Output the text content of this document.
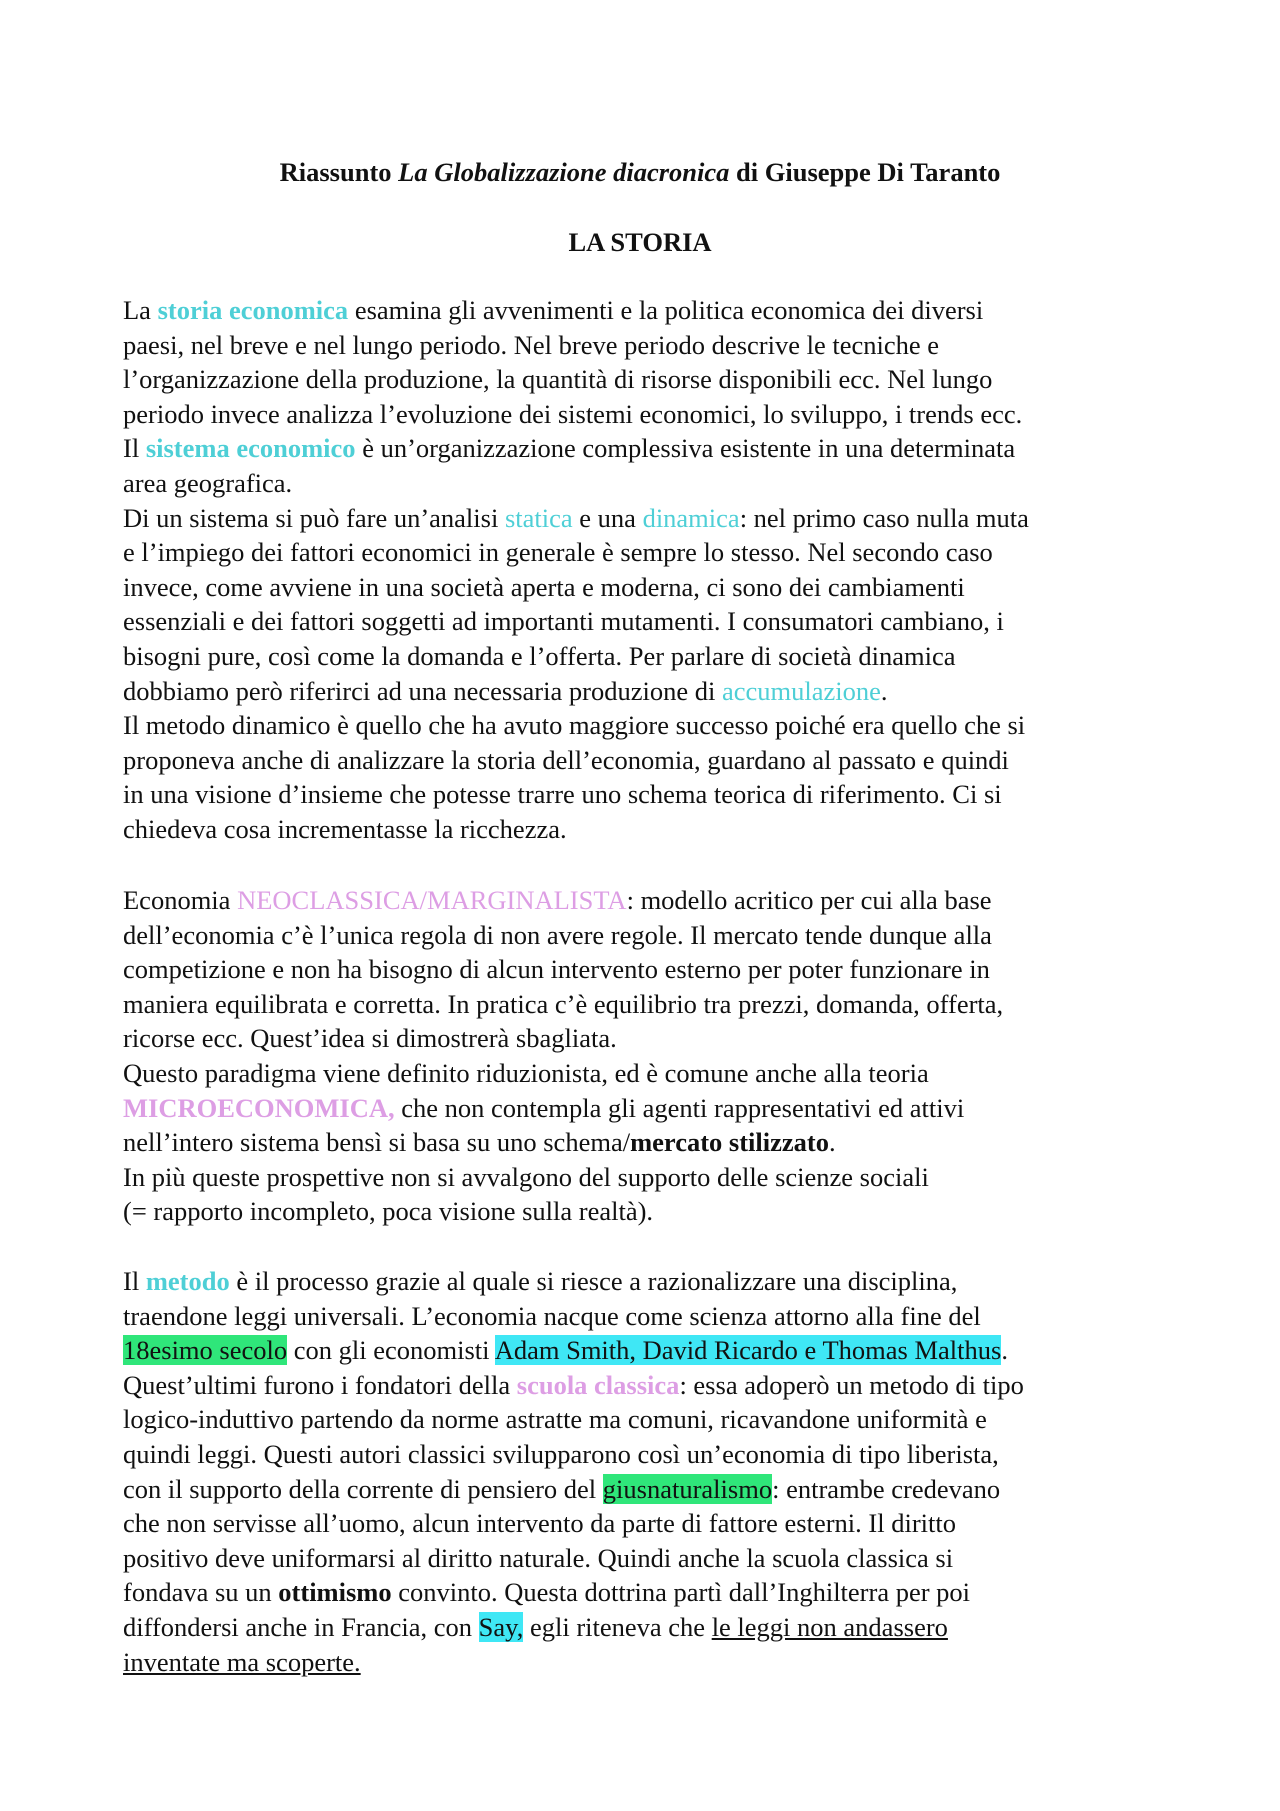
Riassunto La Globalizzazione diacronica di Giuseppe Di Taranto
LA STORIA
La storia economica esamina gli avvenimenti e la politica economica dei diversi
paesi, nel breve e nel lungo periodo. Nel breve periodo descrive le tecniche e
l’organizzazione della produzione, la quantità di risorse disponibili ecc. Nel lungo
periodo invece analizza l’evoluzione dei sistemi economici, lo sviluppo, i trends ecc.
Il sistema economico è un’organizzazione complessiva esistente in una determinata
area geografica.
Di un sistema si può fare un’analisi statica e una dinamica: nel primo caso nulla muta
e l’impiego dei fattori economici in generale è sempre lo stesso. Nel secondo caso
invece, come avviene in una società aperta e moderna, ci sono dei cambiamenti
essenziali e dei fattori soggetti ad importanti mutamenti. I consumatori cambiano, i
bisogni pure, così come la domanda e l’offerta. Per parlare di società dinamica
dobbiamo però riferirci ad una necessaria produzione di accumulazione.
Il metodo dinamico è quello che ha avuto maggiore successo poiché era quello che si
proponeva anche di analizzare la storia dell’economia, guardano al passato e quindi
in una visione d’insieme che potesse trarre uno schema teorica di riferimento. Ci si
chiedeva cosa incrementasse la ricchezza.
Economia NEOCLASSICA/MARGINALISTA: modello acritico per cui alla base
dell’economia c’è l’unica regola di non avere regole. Il mercato tende dunque alla
competizione e non ha bisogno di alcun intervento esterno per poter funzionare in
maniera equilibrata e corretta. In pratica c’è equilibrio tra prezzi, domanda, offerta,
ricorse ecc. Quest’idea si dimostrerà sbagliata.
Questo paradigma viene definito riduzionista, ed è comune anche alla teoria
MICROECONOMICA, che non contempla gli agenti rappresentativi ed attivi
nell’intero sistema bensì si basa su uno schema/mercato stilizzato.
In più queste prospettive non si avvalgono del supporto delle scienze sociali
(= rapporto incompleto, poca visione sulla realtà).
Il metodo è il processo grazie al quale si riesce a razionalizzare una disciplina,
traendone leggi universali. L’economia nacque come scienza attorno alla fine del
18esimo secolo con gli economisti Adam Smith, David Ricardo e Thomas Malthus.
Quest’ultimi furono i fondatori della scuola classica: essa adoperò un metodo di tipo
logico-induttivo partendo da norme astratte ma comuni, ricavandone uniformità e
quindi leggi. Questi autori classici svilupparono così un’economia di tipo liberista,
con il supporto della corrente di pensiero del giusnaturalismo: entrambe credevano
che non servisse all’uomo, alcun intervento da parte di fattore esterni. Il diritto
positivo deve uniformarsi al diritto naturale. Quindi anche la scuola classica si
fondava su un ottimismo convinto. Questa dottrina partì dall’Inghilterra per poi
diffondersi anche in Francia, con Say, egli riteneva che le leggi non andassero
inventate ma scoperte.
